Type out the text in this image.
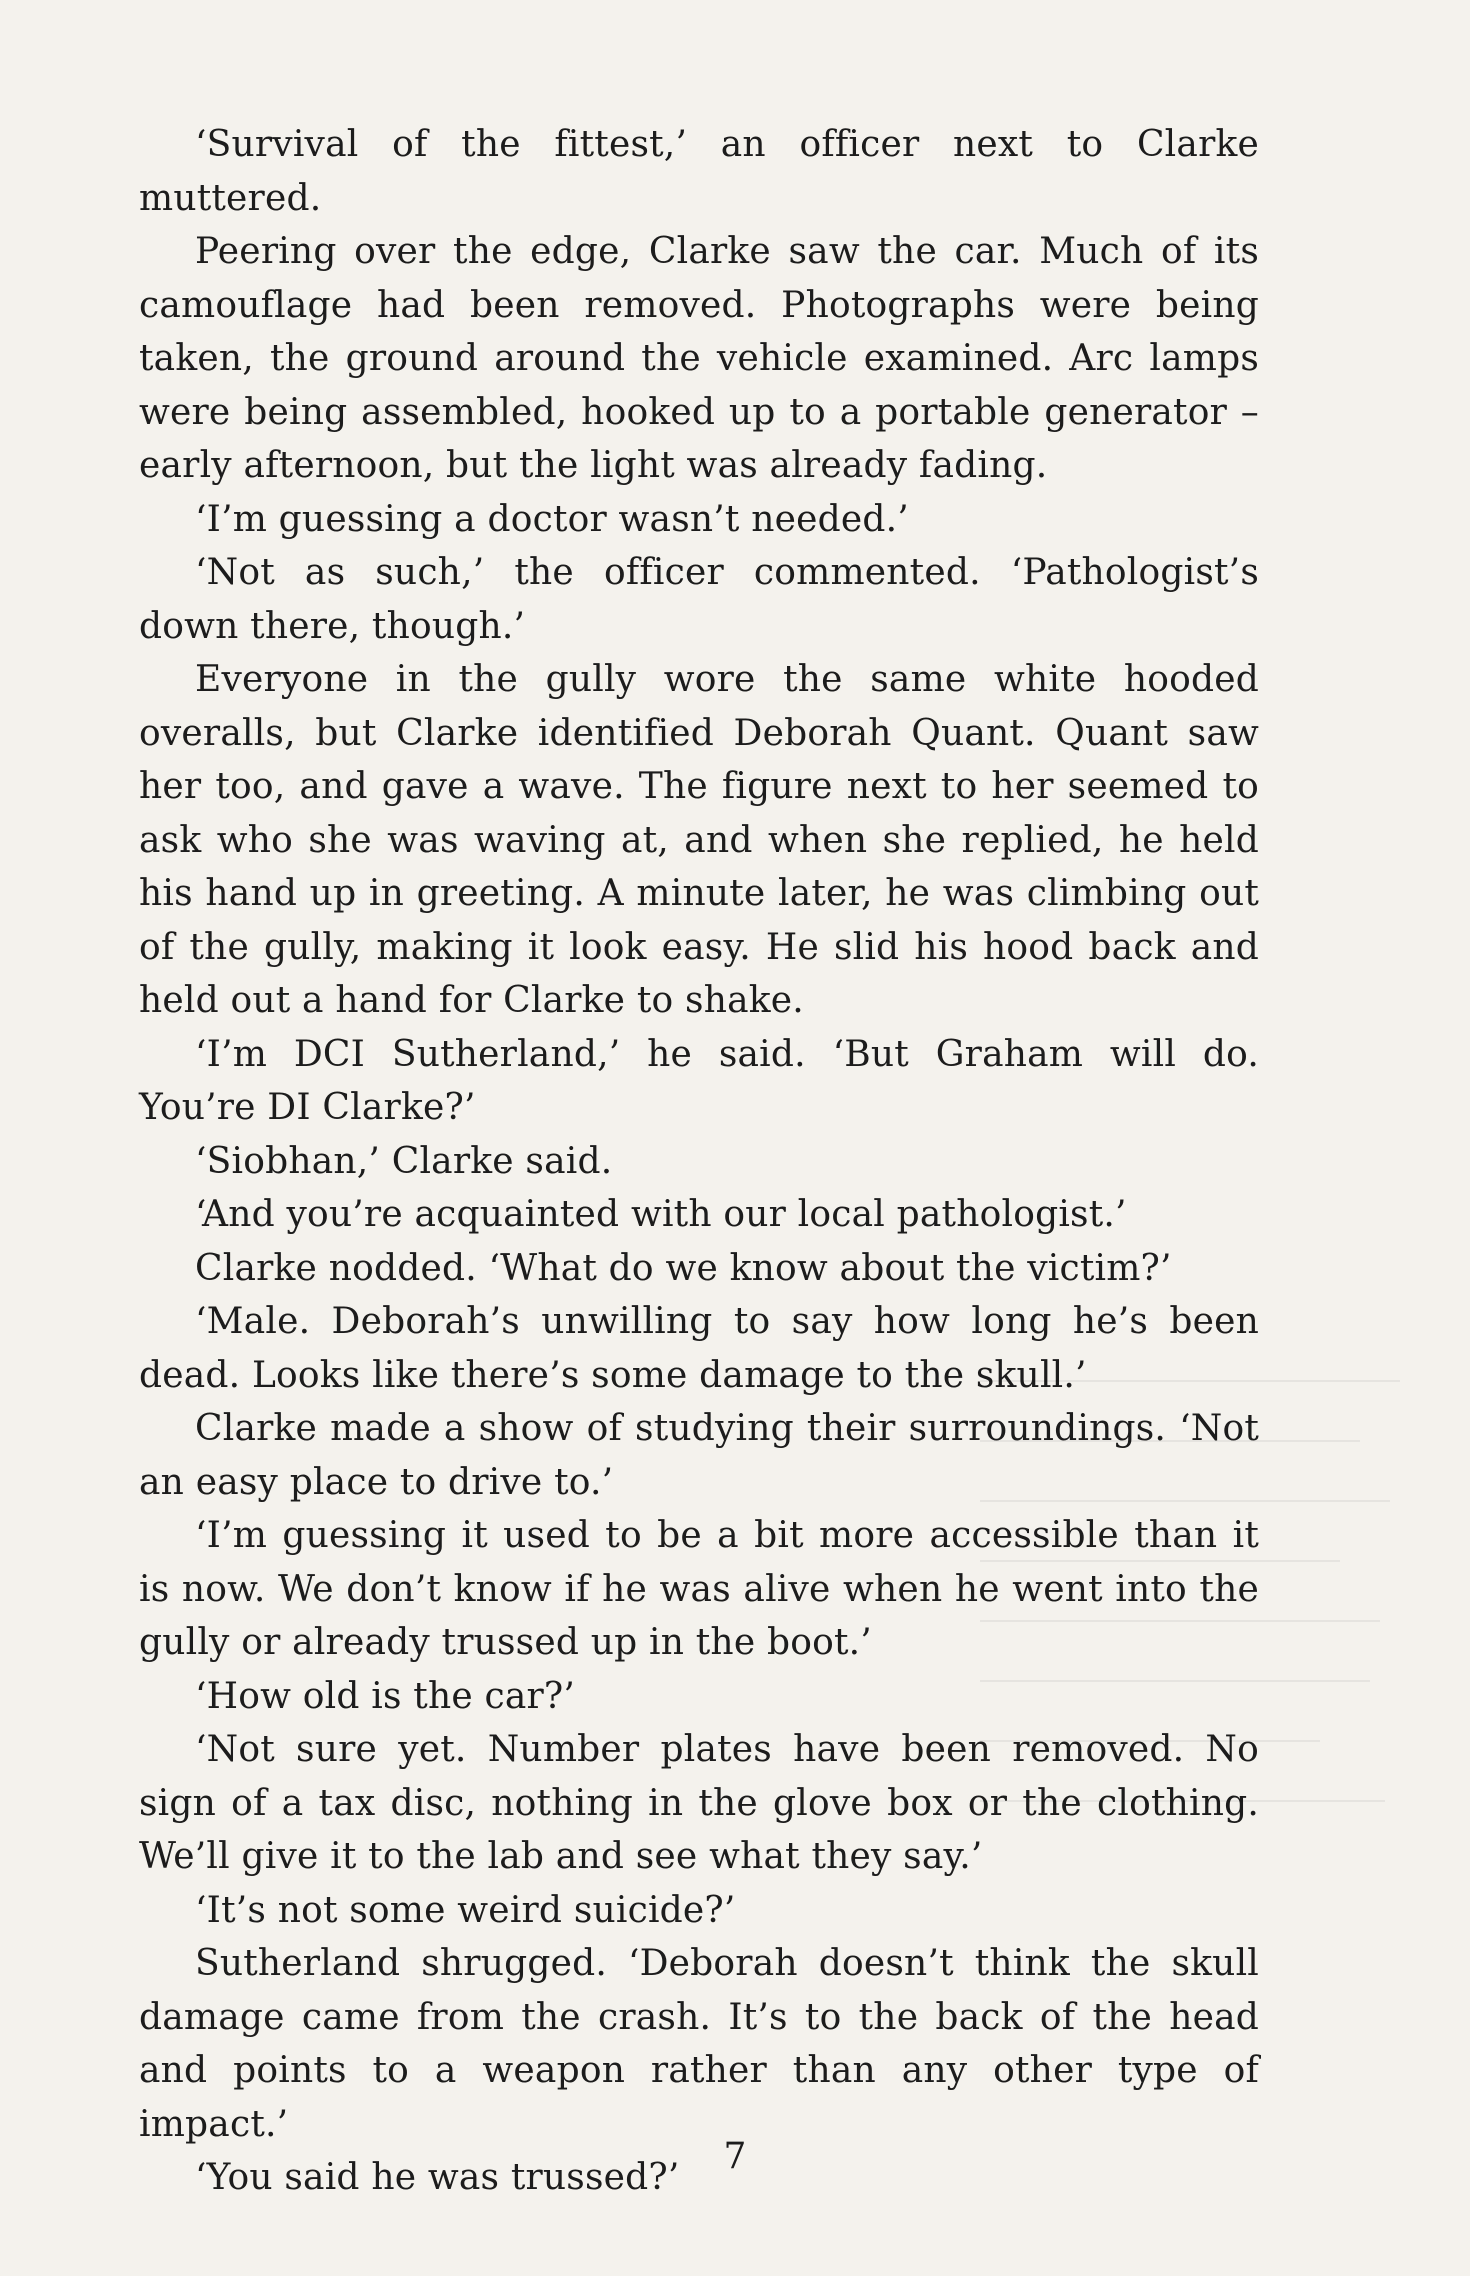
‘Survival of the fittest,’ an officer next to Clarke muttered.

Peering over the edge, Clarke saw the car. Much of its camouflage had been removed. Photographs were being taken, the ground around the vehicle examined. Arc lamps were being assembled, hooked up to a portable generator – early afternoon, but the light was already fading.

‘I’m guessing a doctor wasn’t needed.’

‘Not as such,’ the officer commented. ‘Pathologist’s down there, though.’

Everyone in the gully wore the same white hooded overalls, but Clarke identified Deborah Quant. Quant saw her too, and gave a wave. The figure next to her seemed to ask who she was waving at, and when she replied, he held his hand up in greeting. A minute later, he was climbing out of the gully, making it look easy. He slid his hood back and held out a hand for Clarke to shake.

‘I’m DCI Sutherland,’ he said. ‘But Graham will do. You’re DI Clarke?’

‘Siobhan,’ Clarke said.

‘And you’re acquainted with our local pathologist.’

Clarke nodded. ‘What do we know about the victim?’

‘Male. Deborah’s unwilling to say how long he’s been dead. Looks like there’s some damage to the skull.’

Clarke made a show of studying their surroundings. ‘Not an easy place to drive to.’

‘I’m guessing it used to be a bit more accessible than it is now. We don’t know if he was alive when he went into the gully or already trussed up in the boot.’

‘How old is the car?’

‘Not sure yet. Number plates have been removed. No sign of a tax disc, nothing in the glove box or the clothing. We’ll give it to the lab and see what they say.’

‘It’s not some weird suicide?’

Sutherland shrugged. ‘Deborah doesn’t think the skull damage came from the crash. It’s to the back of the head and points to a weapon rather than any other type of impact.’

‘You said he was trussed?’

7
